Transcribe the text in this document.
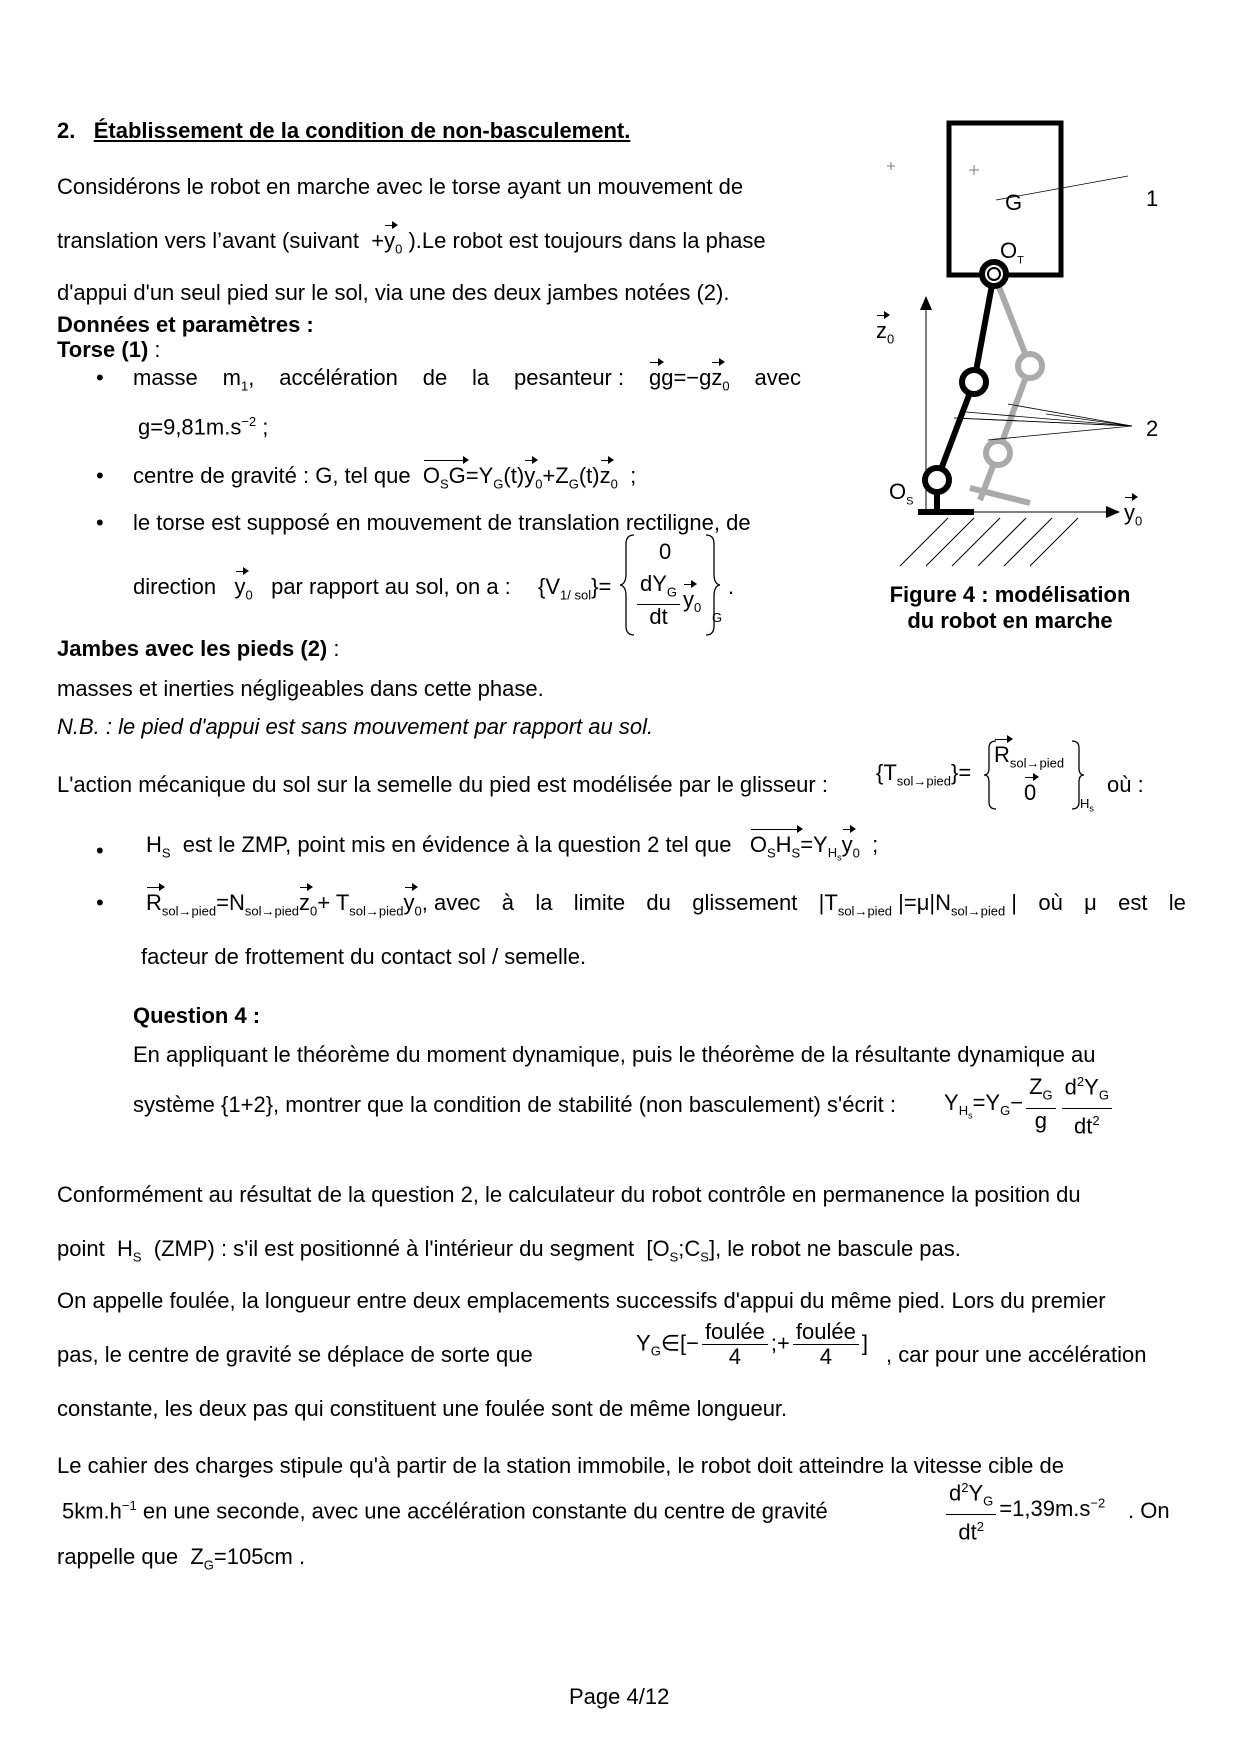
2. Établissement de la condition de non-basculement.
Considérons le robot en marche avec le torse ayant un mouvement de
translation vers l’avant (suivant  $+y_0$ ).Le robot est toujours dans la phase
d'appui d'un seul pied sur le sol, via une des deux jambes notées (2).
Données et paramètres :
Torse (1) :
• masse $m_1$, accélération de la pesanteur : $gg=-gz_0$ avec
$g=9,81m.s^{-2}$ ;
• centre de gravité : G, tel que $O_SG=Y_G(t)y_0+Z_G(t)z_0$ ;
• le torse est supposé en mouvement de translation rectiligne, de
direction $y_0$ par rapport au sol, on a : $\{V_{1/ sol}\}=$
0
$\frac{dY_G}{dt} y_0$
G
.
Jambes avec les pieds (2) :
masses et inerties négligeables dans cette phase.
N.B. : le pied d'appui est sans mouvement par rapport au sol.
L'action mécanique du sol sur la semelle du pied est modélisée par le glisseur : $\{T_{sol\to pied}\}=$
$R_{sol\to pied}$
0	$H_s$
où :
• $H_S$ est le ZMP, point mis en évidence à la question 2 tel que $O_SH_S=Y_{H_s}y_0$  ;
• $R_{sol\to pied}=N_{sol\to pied}z_0+ T_{sol\to pied}y_0$, avec à la limite du glissement $|T_{sol\to pied}$ $|=\mu|N_{sol\to pied}$ | où μ est le
facteur de frottement du contact sol / semelle.
Question 4 :
En appliquant le théorème du moment dynamique, puis le théorème de la résultante dynamique au
système {1+2}, montrer que la condition de stabilité (non basculement) s'écrit : $Y_{H_s}=Y_G- \frac{Z_G}{g} \frac{d^2Y_G}{dt^2}$
Conformément au résultat de la question 2, le calculateur du robot contrôle en permanence la position du
point  $H_S$ (ZMP) : s'il est positionné à l'intérieur du segment  $[O_S;C_S]$, le robot ne bascule pas.
On appelle foulée, la longueur entre deux emplacements successifs d'appui du même pied. Lors du premier
pas, le centre de gravité se déplace de sorte que	$Y_G\in[- \frac{\text{foulée}}{4}$ ;+ $\frac{\text{foulée}}{4}$ ] , car pour une accélération
constante, les deux pas qui constituent une foulée sont de même longueur.
Le cahier des charges stipule qu'à partir de la station immobile, le robot doit atteindre la vitesse cible de
$5km.h^{-1}$ en une seconde, avec une accélération constante du centre de gravité	$\frac{d^2Y_G}{dt^2} =1,39m.s^{-2}$ . On
rappelle que $Z_G=105cm$ .
G
$O_T$
1
2
$z_0$
$O_S$	$y_0$
Figure 4 : modélisation
du robot en marche
Page 4/12
